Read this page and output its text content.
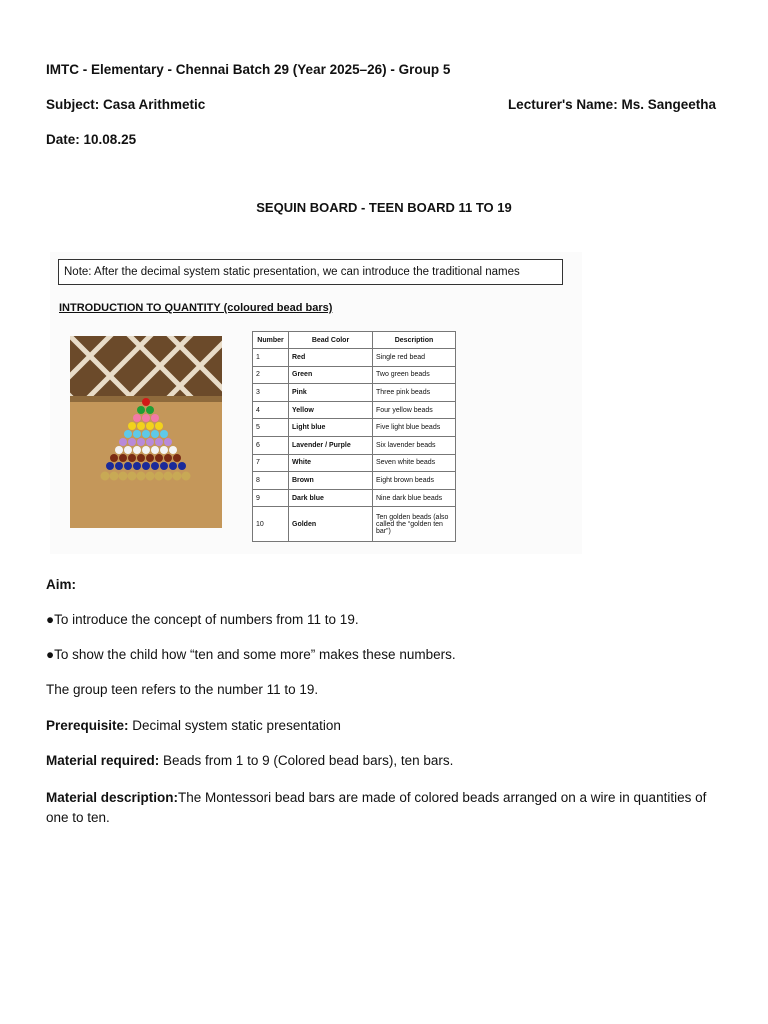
IMTC - Elementary - Chennai Batch 29 (Year 2025–26) - Group 5
Subject: Casa Arithmetic	Lecturer's Name: Ms. Sangeetha
Date: 10.08.25
SEQUIN BOARD - TEEN BOARD 11 TO 19
Note: After the decimal system static presentation, we can introduce the traditional names
INTRODUCTION TO QUANTITY (coloured bead bars)
Number	Bead Color	Description
1	Red	Single red bead
2	Green	Two green beads
3	Pink	Three pink beads
4	Yellow	Four yellow beads
5	Light blue	Five light blue beads
6	Lavender / Purple	Six lavender beads
7	White	Seven white beads
8	Brown	Eight brown beads
9	Dark blue	Nine dark blue beads
10	Golden	Ten golden beads (also called the “golden ten bar”)
Aim:
●To introduce the concept of numbers from 11 to 19.
●To show the child how “ten and some more” makes these numbers.
The group teen refers to the number 11 to 19.
Prerequisite: Decimal system static presentation
Material required: Beads from 1 to 9 (Colored bead bars), ten bars.
Material description:The Montessori bead bars are made of colored beads arranged on a wire in quantities of one to ten.
